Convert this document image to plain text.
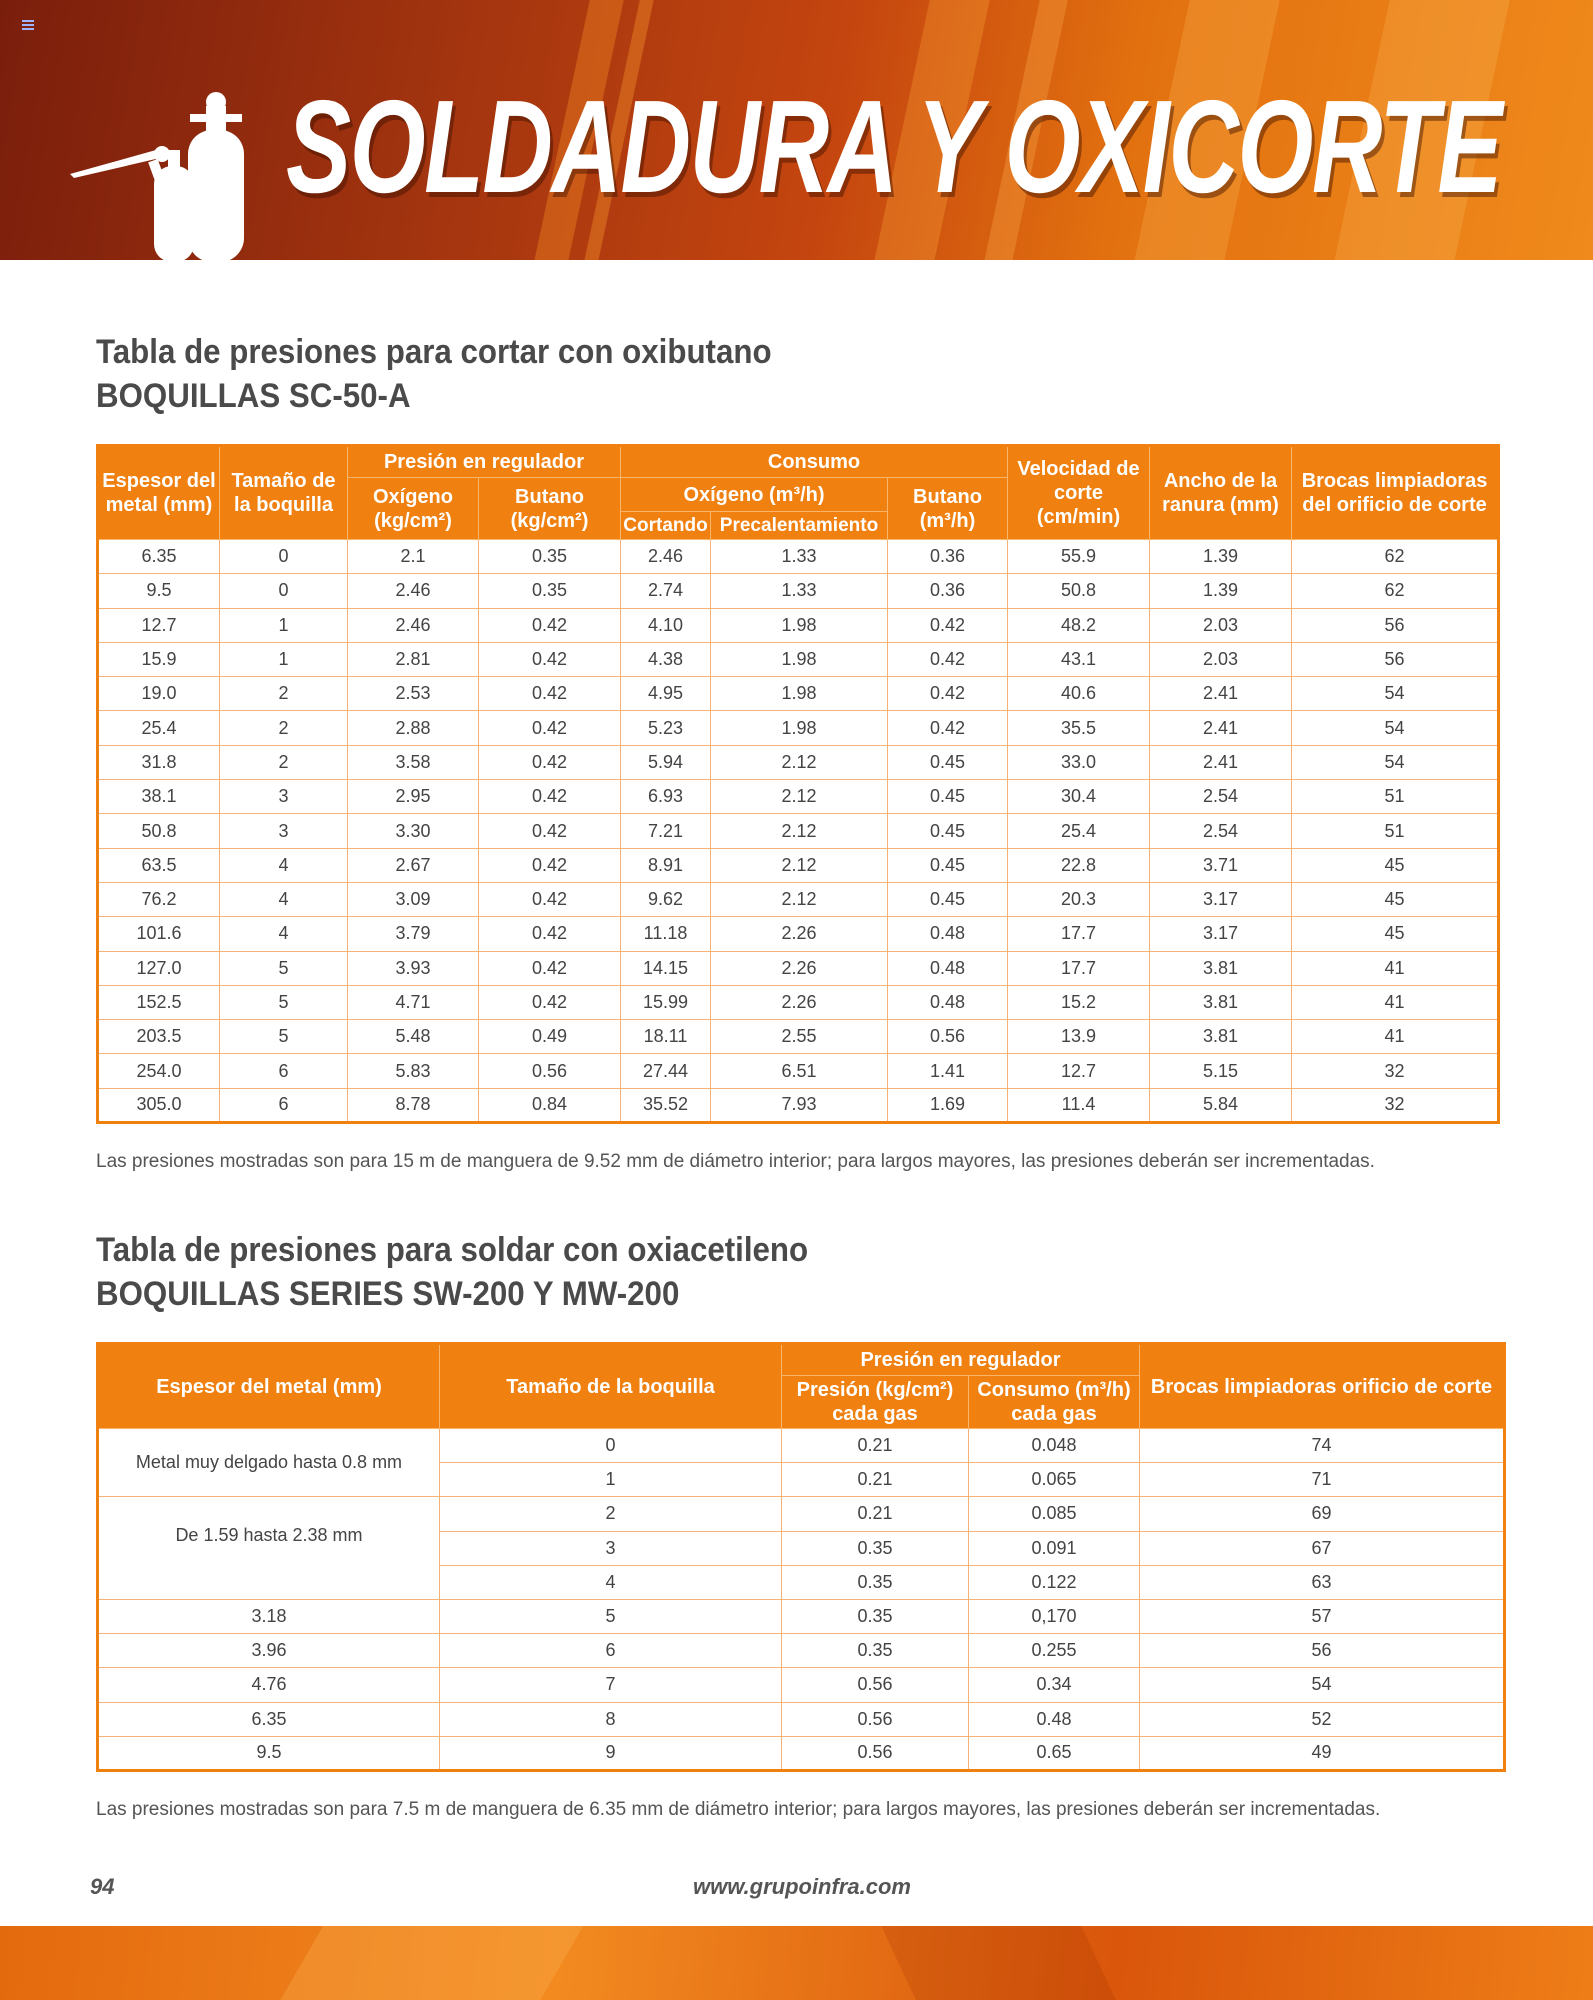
SOLDADURA Y OXICORTE
Tabla de presiones para cortar con oxibutano
BOQUILLAS SC-50-A
Espesor del metal (mm)	Tamaño de la boquilla	Presión en regulador		Consumo			Velocidad de corte (cm/min)	Ancho de la ranura (mm)	Brocas limpiadoras del orificio de corte
		Oxígeno (kg/cm²)	Butano (kg/cm²)	Oxígeno (m³/h)		Butano (m³/h)			
				Cortando	Precalentamiento				
6.35	0	2.1	0.35	2.46	1.33	0.36	55.9	1.39	62
9.5	0	2.46	0.35	2.74	1.33	0.36	50.8	1.39	62
12.7	1	2.46	0.42	4.10	1.98	0.42	48.2	2.03	56
15.9	1	2.81	0.42	4.38	1.98	0.42	43.1	2.03	56
19.0	2	2.53	0.42	4.95	1.98	0.42	40.6	2.41	54
25.4	2	2.88	0.42	5.23	1.98	0.42	35.5	2.41	54
31.8	2	3.58	0.42	5.94	2.12	0.45	33.0	2.41	54
38.1	3	2.95	0.42	6.93	2.12	0.45	30.4	2.54	51
50.8	3	3.30	0.42	7.21	2.12	0.45	25.4	2.54	51
63.5	4	2.67	0.42	8.91	2.12	0.45	22.8	3.71	45
76.2	4	3.09	0.42	9.62	2.12	0.45	20.3	3.17	45
101.6	4	3.79	0.42	11.18	2.26	0.48	17.7	3.17	45
127.0	5	3.93	0.42	14.15	2.26	0.48	17.7	3.81	41
152.5	5	4.71	0.42	15.99	2.26	0.48	15.2	3.81	41
203.5	5	5.48	0.49	18.11	2.55	0.56	13.9	3.81	41
254.0	6	5.83	0.56	27.44	6.51	1.41	12.7	5.15	32
305.0	6	8.78	0.84	35.52	7.93	1.69	11.4	5.84	32
Las presiones mostradas son para 15 m de manguera de 9.52 mm de diámetro interior; para largos mayores, las presiones deberán ser incrementadas.
Tabla de presiones para soldar con oxiacetileno
BOQUILLAS SERIES SW-200 Y MW-200
Espesor del metal (mm)	Tamaño de la boquilla	Presión en regulador		Brocas limpiadoras orificio de corte
		Presión (kg/cm²) cada gas	Consumo (m³/h) cada gas	
Metal muy delgado hasta 0.8 mm	0	0.21	0.048	74
	1	0.21	0.065	71
De 1.59 hasta 2.38 mm	2	0.21	0.085	69
	3	0.35	0.091	67
	4	0.35	0.122	63
3.18	5	0.35	0,170	57
3.96	6	0.35	0.255	56
4.76	7	0.56	0.34	54
6.35	8	0.56	0.48	52
9.5	9	0.56	0.65	49
Las presiones mostradas son para 7.5 m de manguera de 6.35 mm de diámetro interior; para largos mayores, las presiones deberán ser incrementadas.
94	www.grupoinfra.com
